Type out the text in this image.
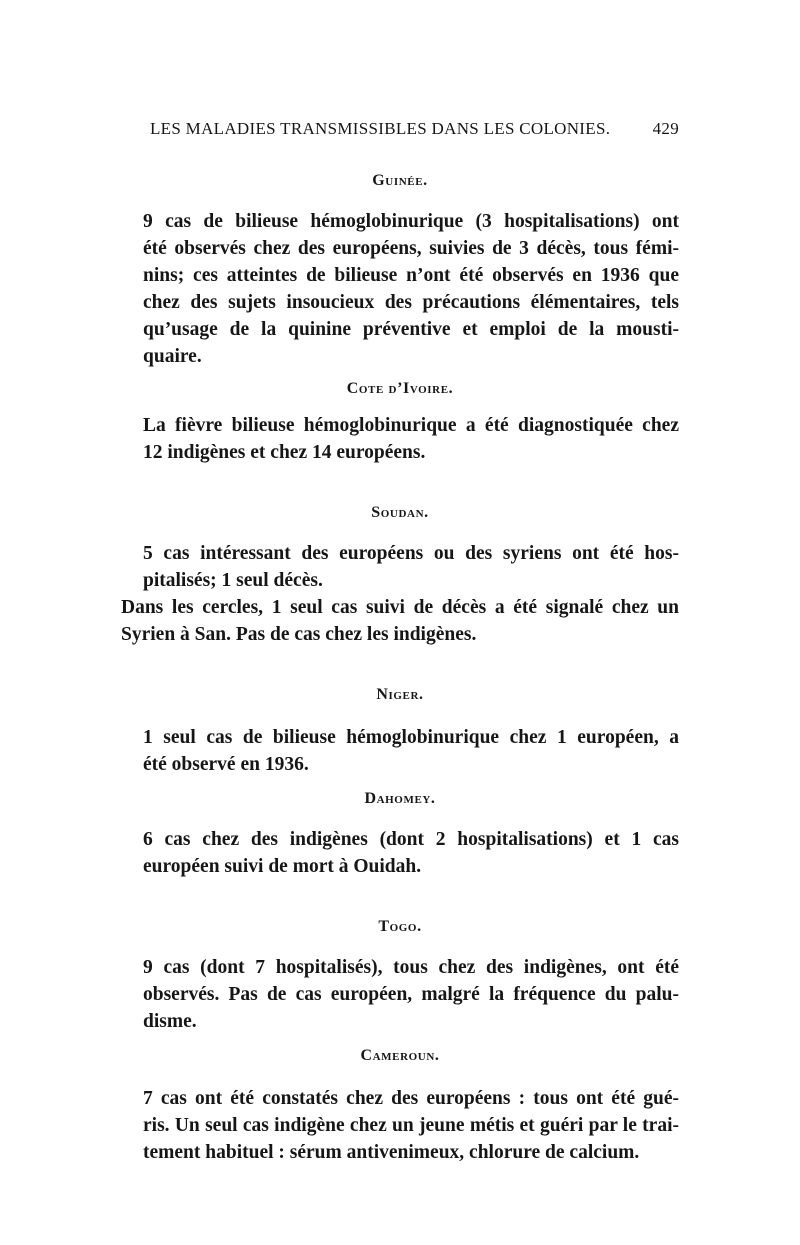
LES MALADIES TRANSMISSIBLES DANS LES COLONIES. 429
Guinée.

9 cas de bilieuse hémoglobinurique (3 hospitalisations) ont
été observés chez des européens, suivies de 3 décès, tous fémi-
nins; ces atteintes de bilieuse n’ont été observés en 1936 que
chez des sujets insoucieux des précautions élémentaires, tels
qu’usage de la quinine préventive et emploi de la mousti-
quaire.

Cote d’Ivoire.

La fièvre bilieuse hémoglobinurique a été diagnostiquée chez
12 indigènes et chez 14 européens.

Soudan.

5 cas intéressant des européens ou des syriens ont été hos-
pitalisés; 1 seul décès.

Dans les cercles, 1 seul cas suivi de décès a été signalé chez un
Syrien à San. Pas de cas chez les indigènes.

Niger.

1 seul cas de bilieuse hémoglobinurique chez 1 européen, a
été observé en 1936.

Dahomey.

6 cas chez des indigènes (dont 2 hospitalisations) et 1 cas
européen suivi de mort à Ouidah.

Togo.

9 cas (dont 7 hospitalisés), tous chez des indigènes, ont été
observés. Pas de cas européen, malgré la fréquence du palu-
disme.

Cameroun.

7 cas ont été constatés chez des européens : tous ont été gué-
ris. Un seul cas indigène chez un jeune métis et guéri par le trai-
tement habituel : sérum antivenimeux, chlorure de calcium.
